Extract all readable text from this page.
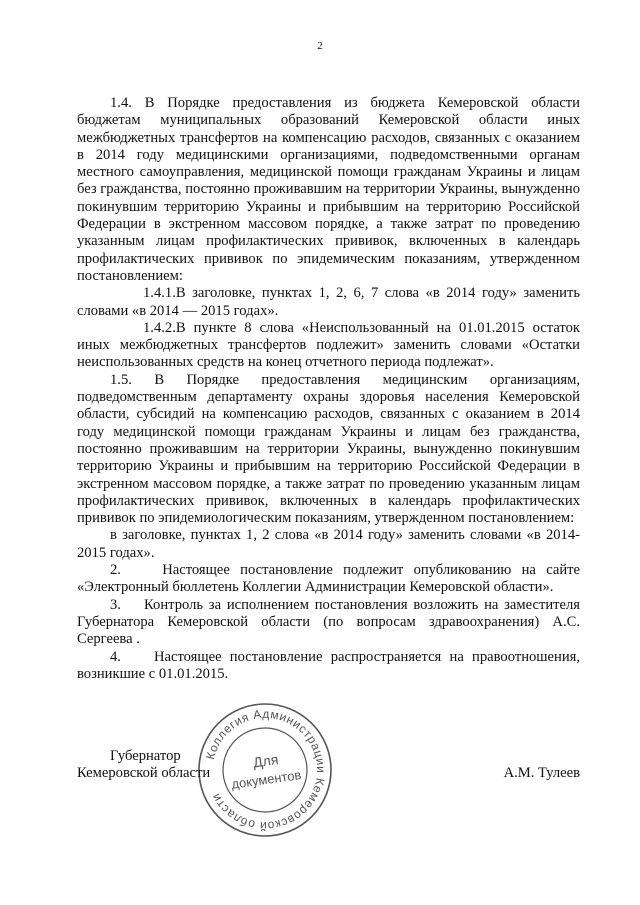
2

1.4. В Порядке предоставления из бюджета Кемеровской области бюджетам муниципальных образований Кемеровской области иных межбюджетных трансфертов на компенсацию расходов, связанных с оказанием в 2014 году медицинскими организациями, подведомственными органам местного самоуправления, медицинской помощи гражданам Украины и лицам без гражданства, постоянно проживавшим на территории Украины, вынужденно покинувшим территорию Украины и прибывшим на территорию Российской Федерации в экстренном массовом порядке, а также затрат по проведению указанным лицам профилактических прививок, включенных в календарь профилактических прививок по эпидемическим показаниям, утвержденном постановлением:

1.4.1.В заголовке, пунктах 1, 2, 6, 7 слова «в 2014 году» заменить словами «в 2014 — 2015 годах».

1.4.2.В пункте 8 слова «Неиспользованный на 01.01.2015 остаток иных межбюджетных трансфертов подлежит» заменить словами «Остатки неиспользованных средств на конец отчетного периода подлежат».

1.5. В Порядке предоставления медицинским организациям, подведомственным департаменту охраны здоровья населения Кемеровской области, субсидий на компенсацию расходов, связанных с оказанием в 2014 году медицинской помощи гражданам Украины и лицам без гражданства, постоянно проживавшим на территории Украины, вынужденно покинувшим территорию Украины и прибывшим на территорию Российской Федерации в экстренном массовом порядке, а также затрат по проведению указанным лицам профилактических прививок, включенных в календарь профилактических прививок по эпидемиологическим показаниям, утвержденном постановлением:

в заголовке, пунктах 1, 2 слова «в 2014 году» заменить словами «в 2014-2015 годах».

2.	Настоящее постановление подлежит опубликованию на сайте «Электронный бюллетень Коллегии Администрации Кемеровской области».

3. Контроль за исполнением постановления возложить на заместителя Губернатора Кемеровской области (по вопросам здравоохранения) А.С. Сергеева .

4. Настоящее постановление распространяется на правоотношения, возникшие с 01.01.2015.

Коллегия Администрации Кемеровской области
Для
документов
Губернатор
Кемеровской области	А.М. Тулеев
